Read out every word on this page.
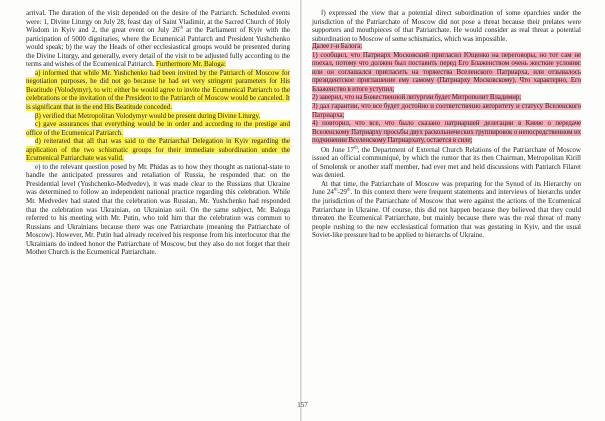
arrival. The duration of the visit depended on the desire of the Patriarch. Scheduled events were: 1, Divine Liturgy on July 28, feast day of Saint Vladimir, at the Sacred Church of Holy Wisdom in Kyiv and 2, the great event on July 26th at the Parliament of Kyiv with the participation of 5000 dignitaries, where the Ecumenical Patriarch and President Yushchenko would speak; b) the way the Heads of other ecclesiastical groups would be presented during the Divine Liturgy, and generally, every detail of the visit to be adjusted fully according to the terms and wishes of the Ecumenical Patriarch. Furthermore Mr. Baloga:

a) informed that while Mr. Yushchenko had been invited by the Patriarch of Moscow for negotiation purposes, he did not go because he had set very stringent parameters for His Beatitude (Volodymyr), to wit: either he would agree to invite the Ecumenical Patriarch to the celebrations or the invitation of the President to the Patriarch of Moscow would be canceled. It is significant that in the end His Beatitude conceded.

β) verified that Metropolitan Volodymyr would be present during Divine Liturgy.

c) gave assurances that everything would be in order and according to the prestige and office of the Ecumenical Patriarch.

d) reiterated that all that was said to the Patriarchal Delegation in Kyiv regarding the application of the two schismatic groups for their immediate subordination under the Ecumenical Patriarchate was valid.

e) to the relevant question posed by Mr. Phidas as to how they thought as national-state to handle the anticipated pressures and retaliation of Russia, he responded that: on the Presidential level (Yushchenko-Medvedev), it was made clear to the Russians that Ukraine was determined to follow an independent national practice regarding this celebration. While Mr. Medvedev had stated that the celebration was Russian, Mr. Yushchenko had responded that the celebration was Ukrainian, on Ukrainian soil. On the same subject, Mr. Baloga referred to his meeting with Mr. Putin, who told him that the celebration was common to Russians and Ukrainians because there was one Patriarchate (meaning the Patriarchate of Moscow). However, Mr. Putin had already received his response from his interlocutor that the Ukrainians do indeed honor the Patriarchate of Moscow, but they also do not forget that their Mother Church is the Ecumenical Patriarchate.

f) expressed the view that a potential direct subordination of some eparchies under the jurisdiction of the Patriarchate of Moscow did not pose a threat because their prelates were supporters and mouthpieces of that Patriarchate. He would consider as real threat a potential subordination to Moscow of some schismatics, which was impossible.

Далее г-н Балога:

1) сообщил, что Патриарх Московский пригласил Ющенко на переговоры, но тот сам не поехал, потому что должен был поставить перед Его Блаженством очень жесткие условия: или он соглашался пригласить на торжества Вселенского Патриарха, или отзывалось президентское приглашение ему самому (Патриарху Московскому). Что характерно, Его Блаженство в итоге уступил;

2) заверил, что на Божественной литургии будет Митрополит Владимир;

3) дал гарантии, что все будет достойно и соответственно авторитету и статусу Вселенского Патриарха;

4) повторил, что все, что было сказано патриаршей делегации в Киеве о передаче Вселенскому Патриарху просьбы двух раскольнических группировок о непосредственном их подчинении Вселенскому Патриархату, остается в силе;

On June 17th, the Department of External Church Relations of the Patriarchate of Moscow issued an official communiqué, by which the rumor that its then Chairman, Metropolitan Kirill of Smolensk or another staff member, had ever met and held discussions with Patriarch Filaret was denied.

At that time, the Patriarchate of Moscow was preparing for the Synod of its Hierarchy on June 24th-29th. In this context there were frequent statements and interviews of hierarchs under the jurisdiction of the Patriarchate of Moscow that were against the actions of the Ecumenical Patriarchate in Ukraine. Of course, this did not happen because they believed that they could threaten the Ecumenical Patriarchate, but mainly because there was the real threat of many people rushing to the new ecclesiastical formation that was gestating in Kyiv, and the usual Soviet-like pressure had to be applied to hierarchs of Ukraine.

157
